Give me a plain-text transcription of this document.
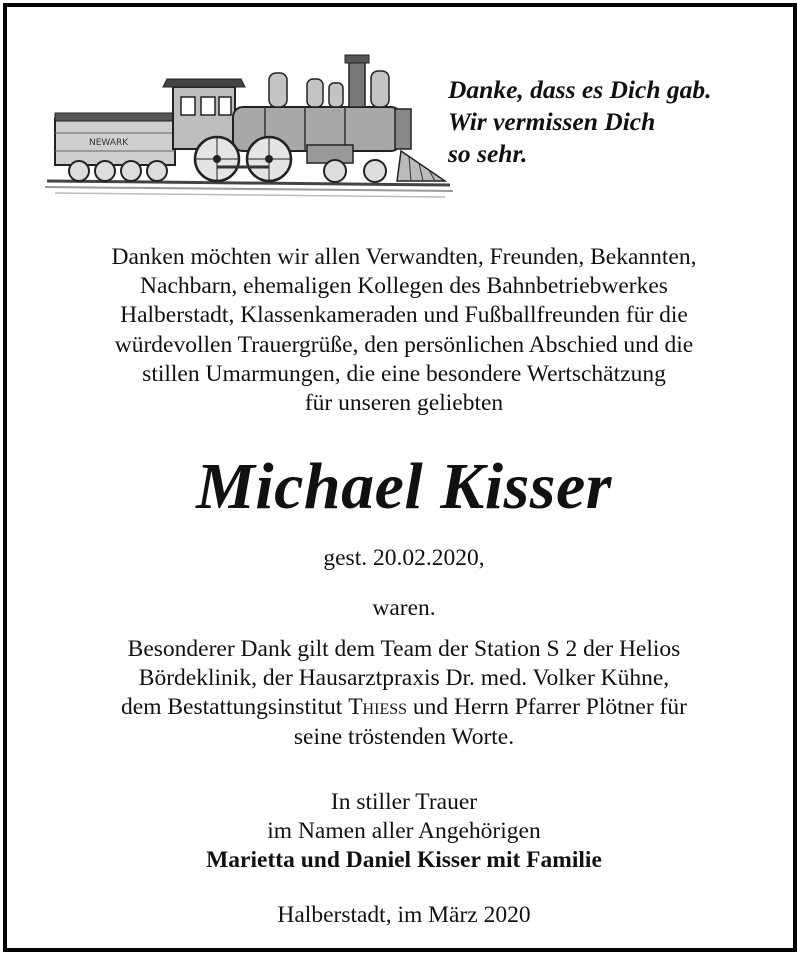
NEWARK
Danke, dass es Dich gab.
Wir vermissen Dich
so sehr.
Danken möchten wir allen Verwandten, Freunden, Bekannten,
Nachbarn, ehemaligen Kollegen des Bahnbetriebwerkes
Halberstadt, Klassenkameraden und Fußballfreunden für die
würdevollen Trauergrüße, den persönlichen Abschied und die
stillen Umarmungen, die eine besondere Wertschätzung
für unseren geliebten
Michael Kisser
gest. 20.02.2020,
waren.
Besonderer Dank gilt dem Team der Station S 2 der Helios
Bördeklinik, der Hausarztpraxis Dr. med. Volker Kühne,
dem Bestattungsinstitut Thieß und Herrn Pfarrer Plötner für
seine tröstenden Worte.
In stiller Trauer
im Namen aller Angehörigen
Marietta und Daniel Kisser mit Familie
Halberstadt, im März 2020
